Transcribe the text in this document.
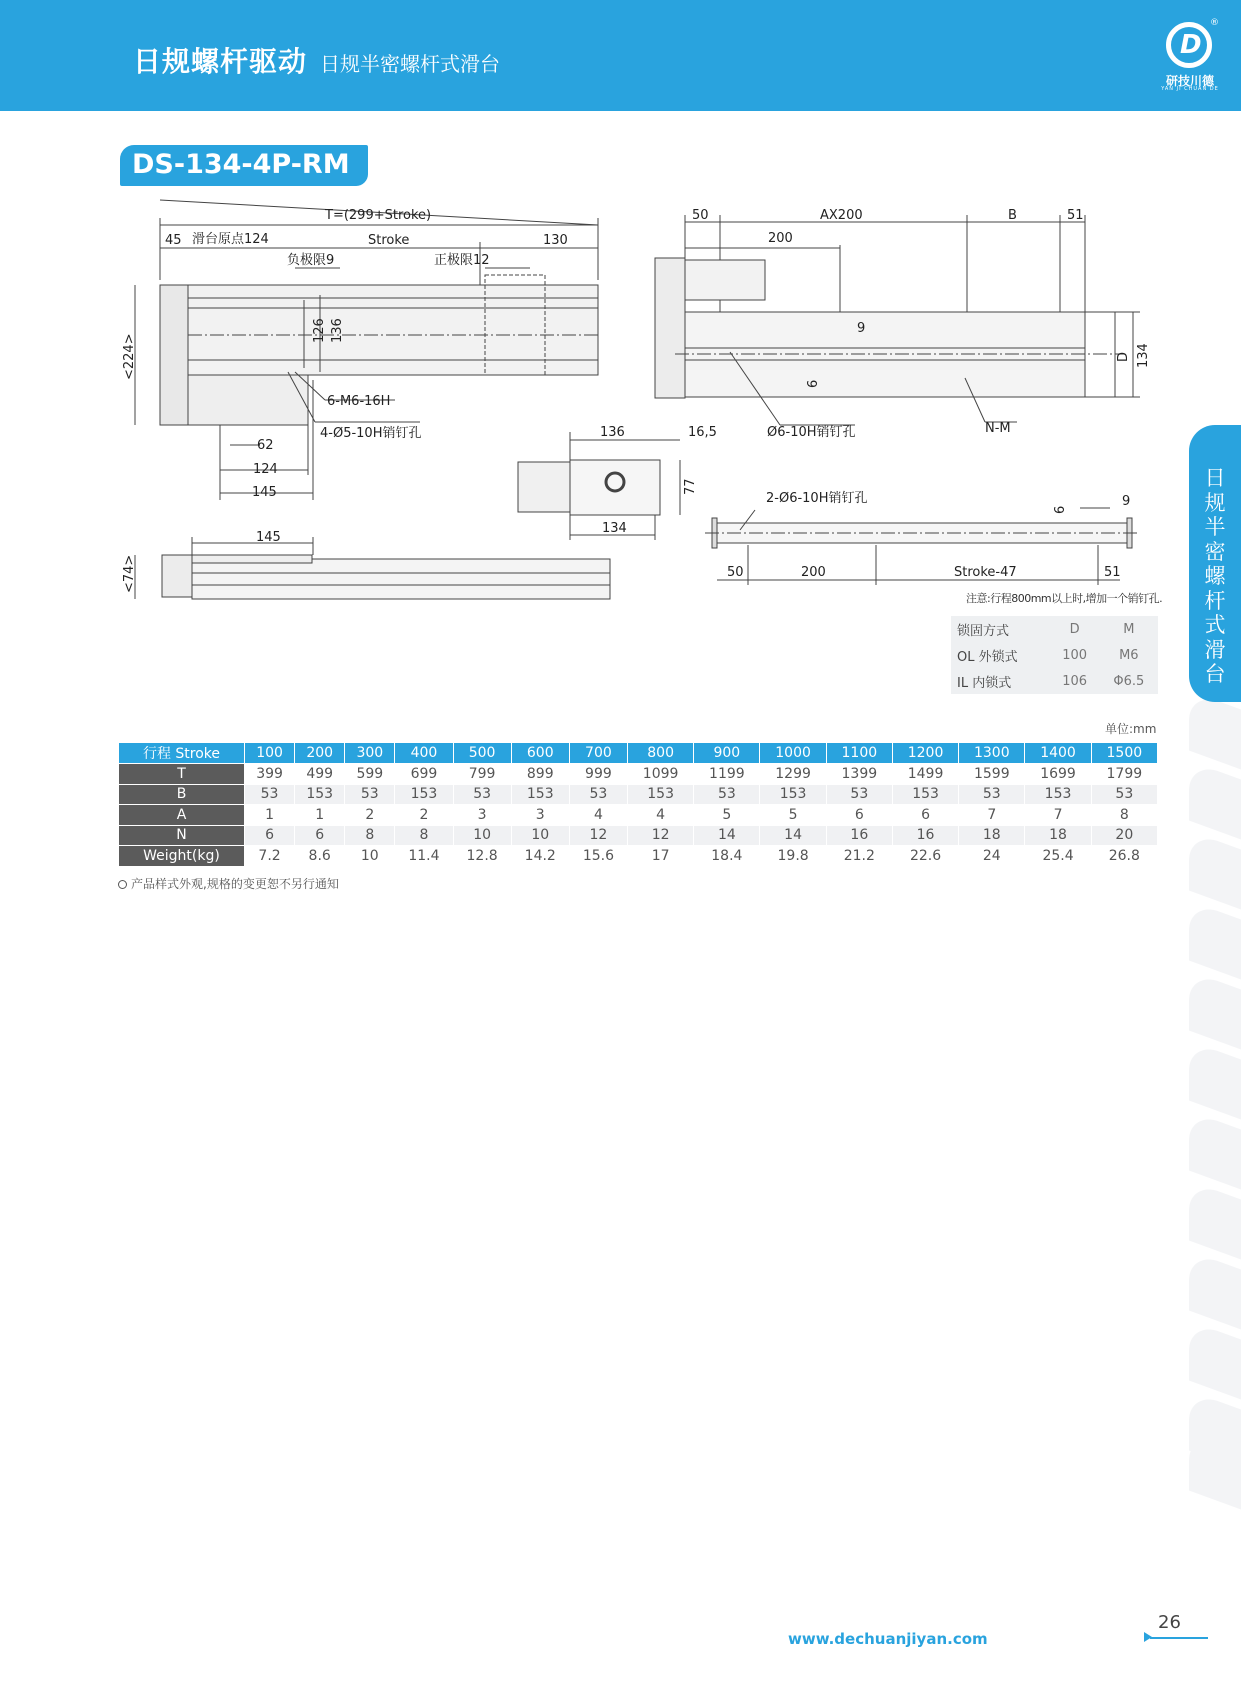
日规螺杆驱动 日规半密螺杆式滑台
D
®
研技川德
YAN JI CHUAN DE
DS-134-4P-RM
T=(299+Stroke)
45 滑台原点124	Stroke	130
负极限9	正极限12
126 136
<224>
6-M6-16H
4-Ø5-10H销钉孔
62
124
145
50	AX200	B	51
200
9
D 134
6
Ø6-10H销钉孔	N-M
136	16,5
77
134
2-Ø6-10H销钉孔
6
9
50	200	Stroke-47	51
145
<74>
注意:行程800mm以上时,增加一个销钉孔.
锁固方式	D	M
OL 外锁式	100	M6
IL 内锁式	106	Φ6.5
日
规
半
密
螺
杆
式
滑
台
单位:mm
行程 Stroke	100	200	300	400	500	600	700	800	900	1000	1100	1200	1300	1400	1500
T	399	499	599	699	799	899	999	1099	1199	1299	1399	1499	1599	1699	1799
B	53	153	53	153	53	153	53	153	53	153	53	153	53	153	53
A	1	1	2	2	3	3	4	4	5	5	6	6	7	7	8
N	6	6	8	8	10	10	12	12	14	14	16	16	18	18	20
Weight(kg)	7.2	8.6	10	11.4	12.8	14.2	15.6	17	18.4	19.8	21.2	22.6	24	25.4	26.8
产品样式外观,规格的变更恕不另行通知
www.dechuanjiyan.com
26
